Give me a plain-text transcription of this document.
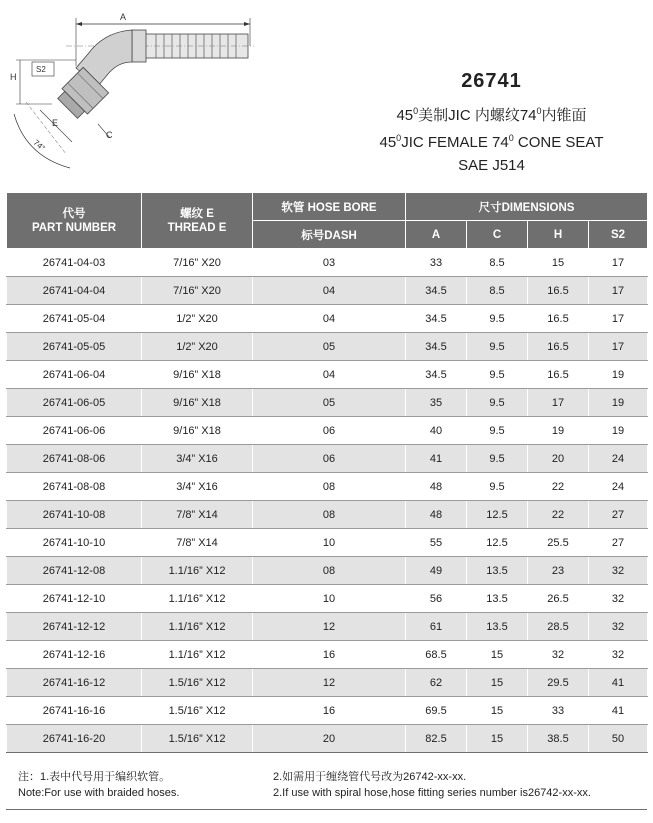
A
H
S2
E
C
74°
26741
$45^0$美制JIC 内螺纹$74^0$内锥面
$45^0JIC$ FEMALE $74^0$ CONE SEAT
SAE J514
代号
PART NUMBER	螺纹 E
THREAD E	软管 HOSE BORE	尺寸DIMENSIONS			
		标号DASH	A	C	H	S2
26741-04-03	7/16” X20	03	33	8.5	15	17
26741-04-04	7/16” X20	04	34.5	8.5	16.5	17
26741-05-04	1/2” X20	04	34.5	9.5	16.5	17
26741-05-05	1/2” X20	05	34.5	9.5	16.5	17
26741-06-04	9/16” X18	04	34.5	9.5	16.5	19
26741-06-05	9/16” X18	05	35	9.5	17	19
26741-06-06	9/16” X18	06	40	9.5	19	19
26741-08-06	3/4” X16	06	41	9.5	20	24
26741-08-08	3/4” X16	08	48	9.5	22	24
26741-10-08	7/8” X14	08	48	12.5	22	27
26741-10-10	7/8” X14	10	55	12.5	25.5	27
26741-12-08	1.1/16” X12	08	49	13.5	23	32
26741-12-10	1.1/16” X12	10	56	13.5	26.5	32
26741-12-12	1.1/16” X12	12	61	13.5	28.5	32
26741-12-16	1.1/16” X12	16	68.5	15	32	32
26741-16-12	1.5/16” X12	12	62	15	29.5	41
26741-16-16	1.5/16” X12	16	69.5	15	33	41
26741-16-20	1.5/16” X12	20	82.5	15	38.5	50
注：1.表中代号用于编织软管。
Note:For use with braided hoses.
2.如需用于缠绕管代号改为26742-xx-xx.
2.If use with spiral hose,hose fitting series number is26742-xx-xx.
